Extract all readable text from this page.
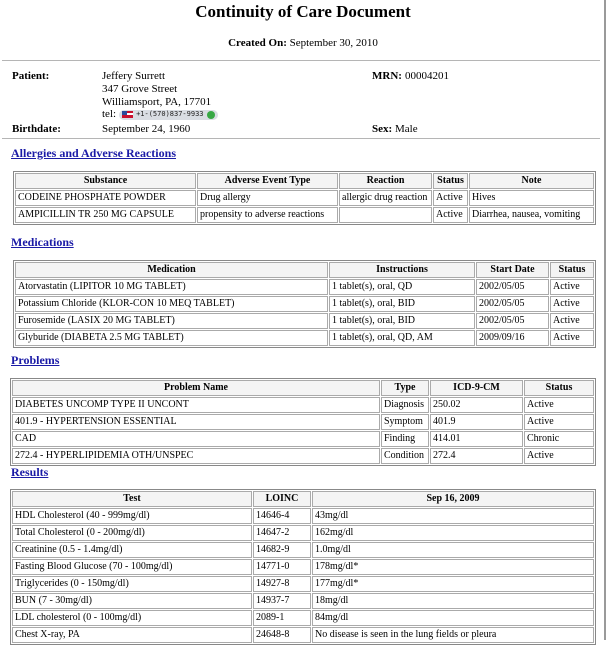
Continuity of Care Document
Created On: September 30, 2010
Patient:	Jeffery Surrett
347 Grove Street
Williamsport, PA, 17701
tel:	+1-(570)837-9933
MRN: 00004201
Birthdate:	September 24, 1960	Sex: Male
Allergies and Adverse Reactions
Substance	Adverse Event Type	Reaction	Status	Note
CODEINE PHOSPHATE POWDER	Drug allergy	allergic drug reaction	Active	Hives
AMPICILLIN TR 250 MG CAPSULE	propensity to adverse reactions		Active	Diarrhea, nausea, vomiting
Medications
Medication	Instructions	Start Date	Status
Atorvastatin (LIPITOR 10 MG TABLET)	1 tablet(s), oral, QD	2002/05/05	Active
Potassium Chloride (KLOR-CON 10 MEQ TABLET)	1 tablet(s), oral, BID	2002/05/05	Active
Furosemide (LASIX 20 MG TABLET)	1 tablet(s), oral, BID	2002/05/05	Active
Glyburide (DIABETA 2.5 MG TABLET)	1 tablet(s), oral, QD, AM	2009/09/16	Active
Problems
Problem Name	Type	ICD-9-CM	Status
DIABETES UNCOMP TYPE II UNCONT	Diagnosis	250.02	Active
401.9 - HYPERTENSION ESSENTIAL	Symptom	401.9	Active
CAD	Finding	414.01	Chronic
272.4 - HYPERLIPIDEMIA OTH/UNSPEC	Condition	272.4	Active
Results
Test	LOINC	Sep 16, 2009
HDL Cholesterol (40 - 999mg/dl)	14646-4	43mg/dl
Total Cholesterol (0 - 200mg/dl)	14647-2	162mg/dl
Creatinine (0.5 - 1.4mg/dl)	14682-9	1.0mg/dl
Fasting Blood Glucose (70 - 100mg/dl)	14771-0	178mg/dl*
Triglycerides (0 - 150mg/dl)	14927-8	177mg/dl*
BUN (7 - 30mg/dl)	14937-7	18mg/dl
LDL cholesterol (0 - 100mg/dl)	2089-1	84mg/dl
Chest X-ray, PA	24648-8	No disease is seen in the lung fields or pleura
